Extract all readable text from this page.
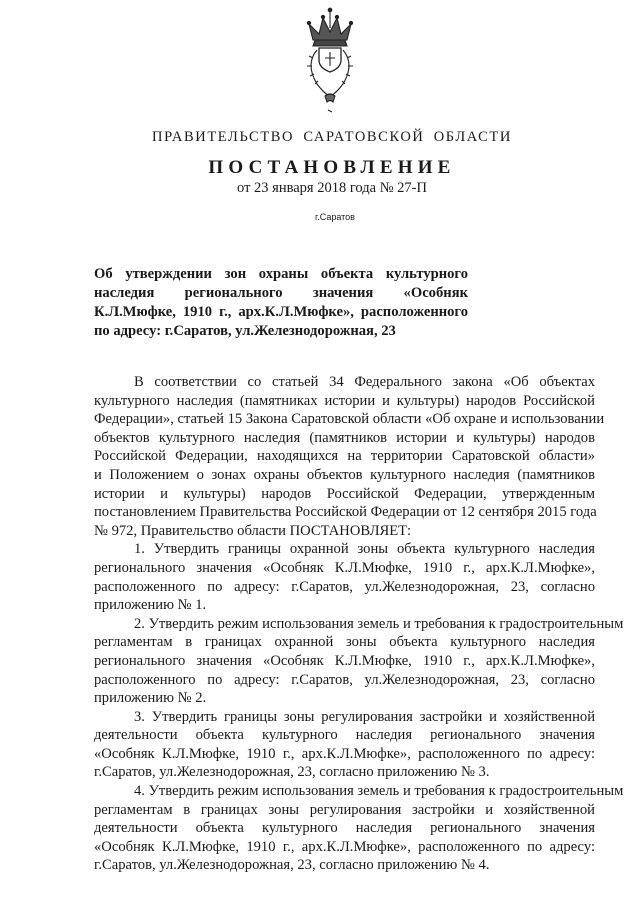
ПРАВИТЕЛЬСТВО САРАТОВСКОЙ ОБЛАСТИ
ПОСТАНОВЛЕНИЕ
от 23 января 2018 года № 27-П
г.Саратов
Об утверждении зон охраны объекта культурного
наследия регионального значения «Особняк
К.Л.Мюфке, 1910 г., арх.К.Л.Мюфке», расположенного
по адресу: г.Саратов, ул.Железнодорожная, 23
В соответствии со статьей 34 Федерального закона «Об объектах
культурного наследия (памятниках истории и культуры) народов Российской
Федерации», статьей 15 Закона Саратовской области «Об охране и использовании
объектов культурного наследия (памятников истории и культуры) народов
Российской Федерации, находящихся на территории Саратовской области»
и Положением о зонах охраны объектов культурного наследия (памятников
истории и культуры) народов Российской Федерации, утвержденным
постановлением Правительства Российской Федерации от 12 сентября 2015 года
№ 972, Правительство области ПОСТАНОВЛЯЕТ:
1. Утвердить границы охранной зоны объекта культурного наследия
регионального значения «Особняк К.Л.Мюфке, 1910 г., арх.К.Л.Мюфке»,
расположенного по адресу: г.Саратов, ул.Железнодорожная, 23, согласно
приложению № 1.
2. Утвердить режим использования земель и требования к градостроительным
регламентам в границах охранной зоны объекта культурного наследия
регионального значения «Особняк К.Л.Мюфке, 1910 г., арх.К.Л.Мюфке»,
расположенного по адресу: г.Саратов, ул.Железнодорожная, 23, согласно
приложению № 2.
3. Утвердить границы зоны регулирования застройки и хозяйственной
деятельности объекта культурного наследия регионального значения
«Особняк К.Л.Мюфке, 1910 г., арх.К.Л.Мюфке», расположенного по адресу:
г.Саратов, ул.Железнодорожная, 23, согласно приложению № 3.
4. Утвердить режим использования земель и требования к градостроительным
регламентам в границах зоны регулирования застройки и хозяйственной
деятельности объекта культурного наследия регионального значения
«Особняк К.Л.Мюфке, 1910 г., арх.К.Л.Мюфке», расположенного по адресу:
г.Саратов, ул.Железнодорожная, 23, согласно приложению № 4.
